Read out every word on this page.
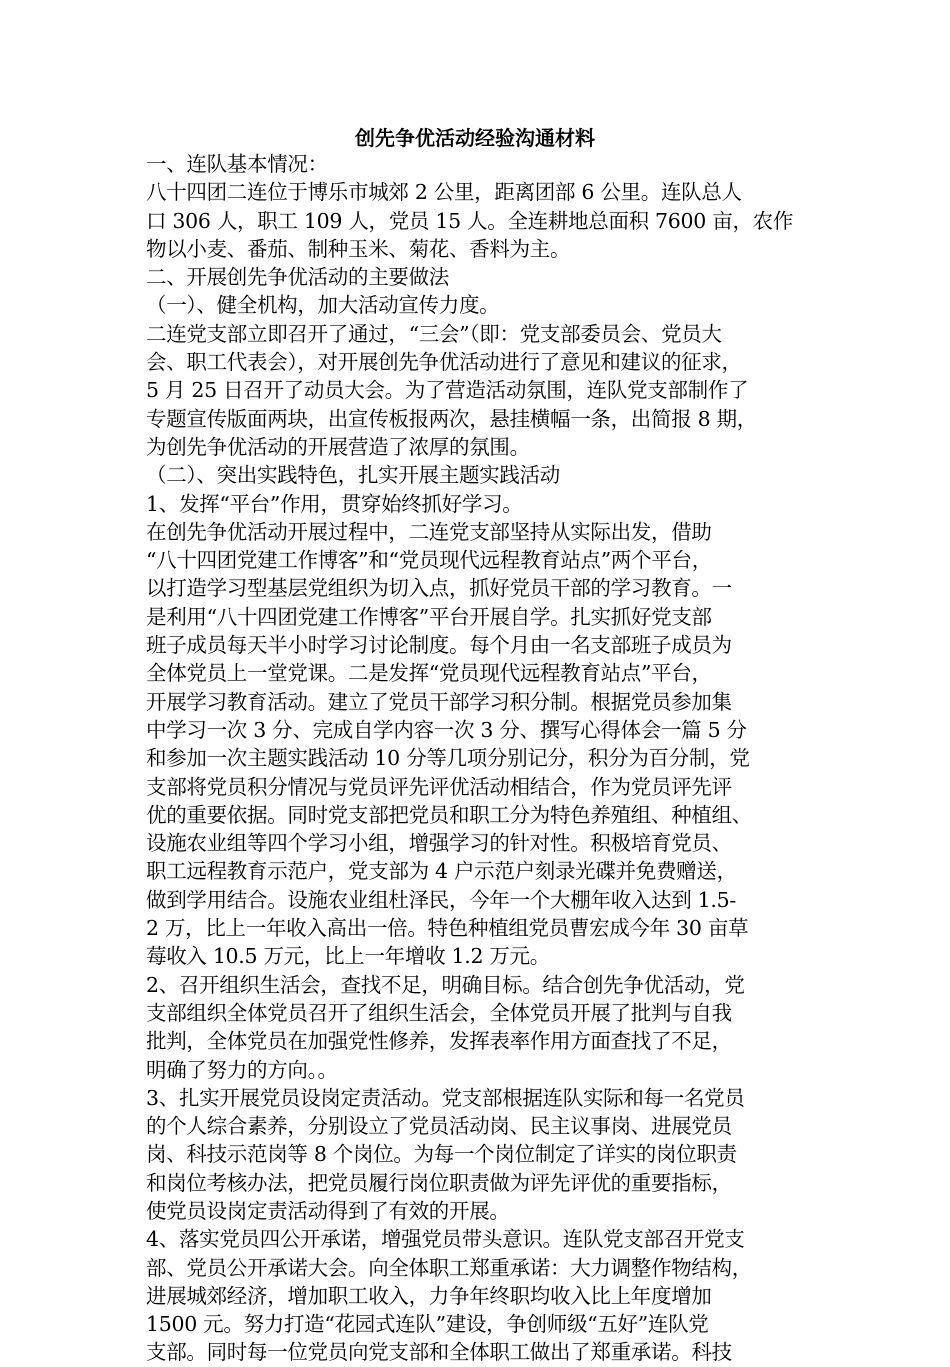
创先争优活动经验沟通材料
一、连队基本情况：
八十四团二连位于博乐市城郊 2 公里，距离团部 6 公里。连队总人
口 306 人，职工 109 人，党员 15 人。全连耕地总面积 7600 亩，农作
物以小麦、番茄、制种玉米、菊花、香料为主。
二、开展创先争优活动的主要做法
（一）、健全机构，加大活动宣传力度。
二连党支部立即召开了通过，“三会”（即：党支部委员会、党员大
会、职工代表会），对开展创先争优活动进行了意见和建议的征求，
5 月 25 日召开了动员大会。为了营造活动氛围，连队党支部制作了
专题宣传版面两块，出宣传板报两次，悬挂横幅一条，出简报 8 期，
为创先争优活动的开展营造了浓厚的氛围。
（二）、突出实践特色，扎实开展主题实践活动
1、发挥“平台”作用，贯穿始终抓好学习。
在创先争优活动开展过程中，二连党支部坚持从实际出发，借助
“八十四团党建工作博客”和“党员现代远程教育站点”两个平台，
以打造学习型基层党组织为切入点，抓好党员干部的学习教育。一
是利用“八十四团党建工作博客”平台开展自学。扎实抓好党支部
班子成员每天半小时学习讨论制度。每个月由一名支部班子成员为
全体党员上一堂党课。二是发挥“党员现代远程教育站点”平台，
开展学习教育活动。建立了党员干部学习积分制。根据党员参加集
中学习一次 3 分、完成自学内容一次 3 分、撰写心得体会一篇 5 分
和参加一次主题实践活动 10 分等几项分别记分，积分为百分制，党
支部将党员积分情况与党员评先评优活动相结合，作为党员评先评
优的重要依据。同时党支部把党员和职工分为特色养殖组、种植组、
设施农业组等四个学习小组，增强学习的针对性。积极培育党员、
职工远程教育示范户，党支部为 4 户示范户刻录光碟并免费赠送，
做到学用结合。设施农业组杜泽民，今年一个大棚年收入达到 1.5-
2 万，比上一年收入高出一倍。特色种植组党员曹宏成今年 30 亩草
莓收入 10.5 万元，比上一年增收 1.2 万元。
2、召开组织生活会，查找不足，明确目标。结合创先争优活动，党
支部组织全体党员召开了组织生活会，全体党员开展了批判与自我
批判，全体党员在加强党性修养，发挥表率作用方面查找了不足，
明确了努力的方向。。
3、扎实开展党员设岗定责活动。党支部根据连队实际和每一名党员
的个人综合素养，分别设立了党员活动岗、民主议事岗、进展党员
岗、科技示范岗等 8 个岗位。为每一个岗位制定了详实的岗位职责
和岗位考核办法，把党员履行岗位职责做为评先评优的重要指标，
使党员设岗定责活动得到了有效的开展。
4、落实党员四公开承诺，增强党员带头意识。连队党支部召开党支
部、党员公开承诺大会。向全体职工郑重承诺：大力调整作物结构，
进展城郊经济，增加职工收入，力争年终职均收入比上年度增加
1500 元。努力打造“花园式连队”建设，争创师级“五好”连队党
支部。同时每一位党员向党支部和全体职工做出了郑重承诺。科技
